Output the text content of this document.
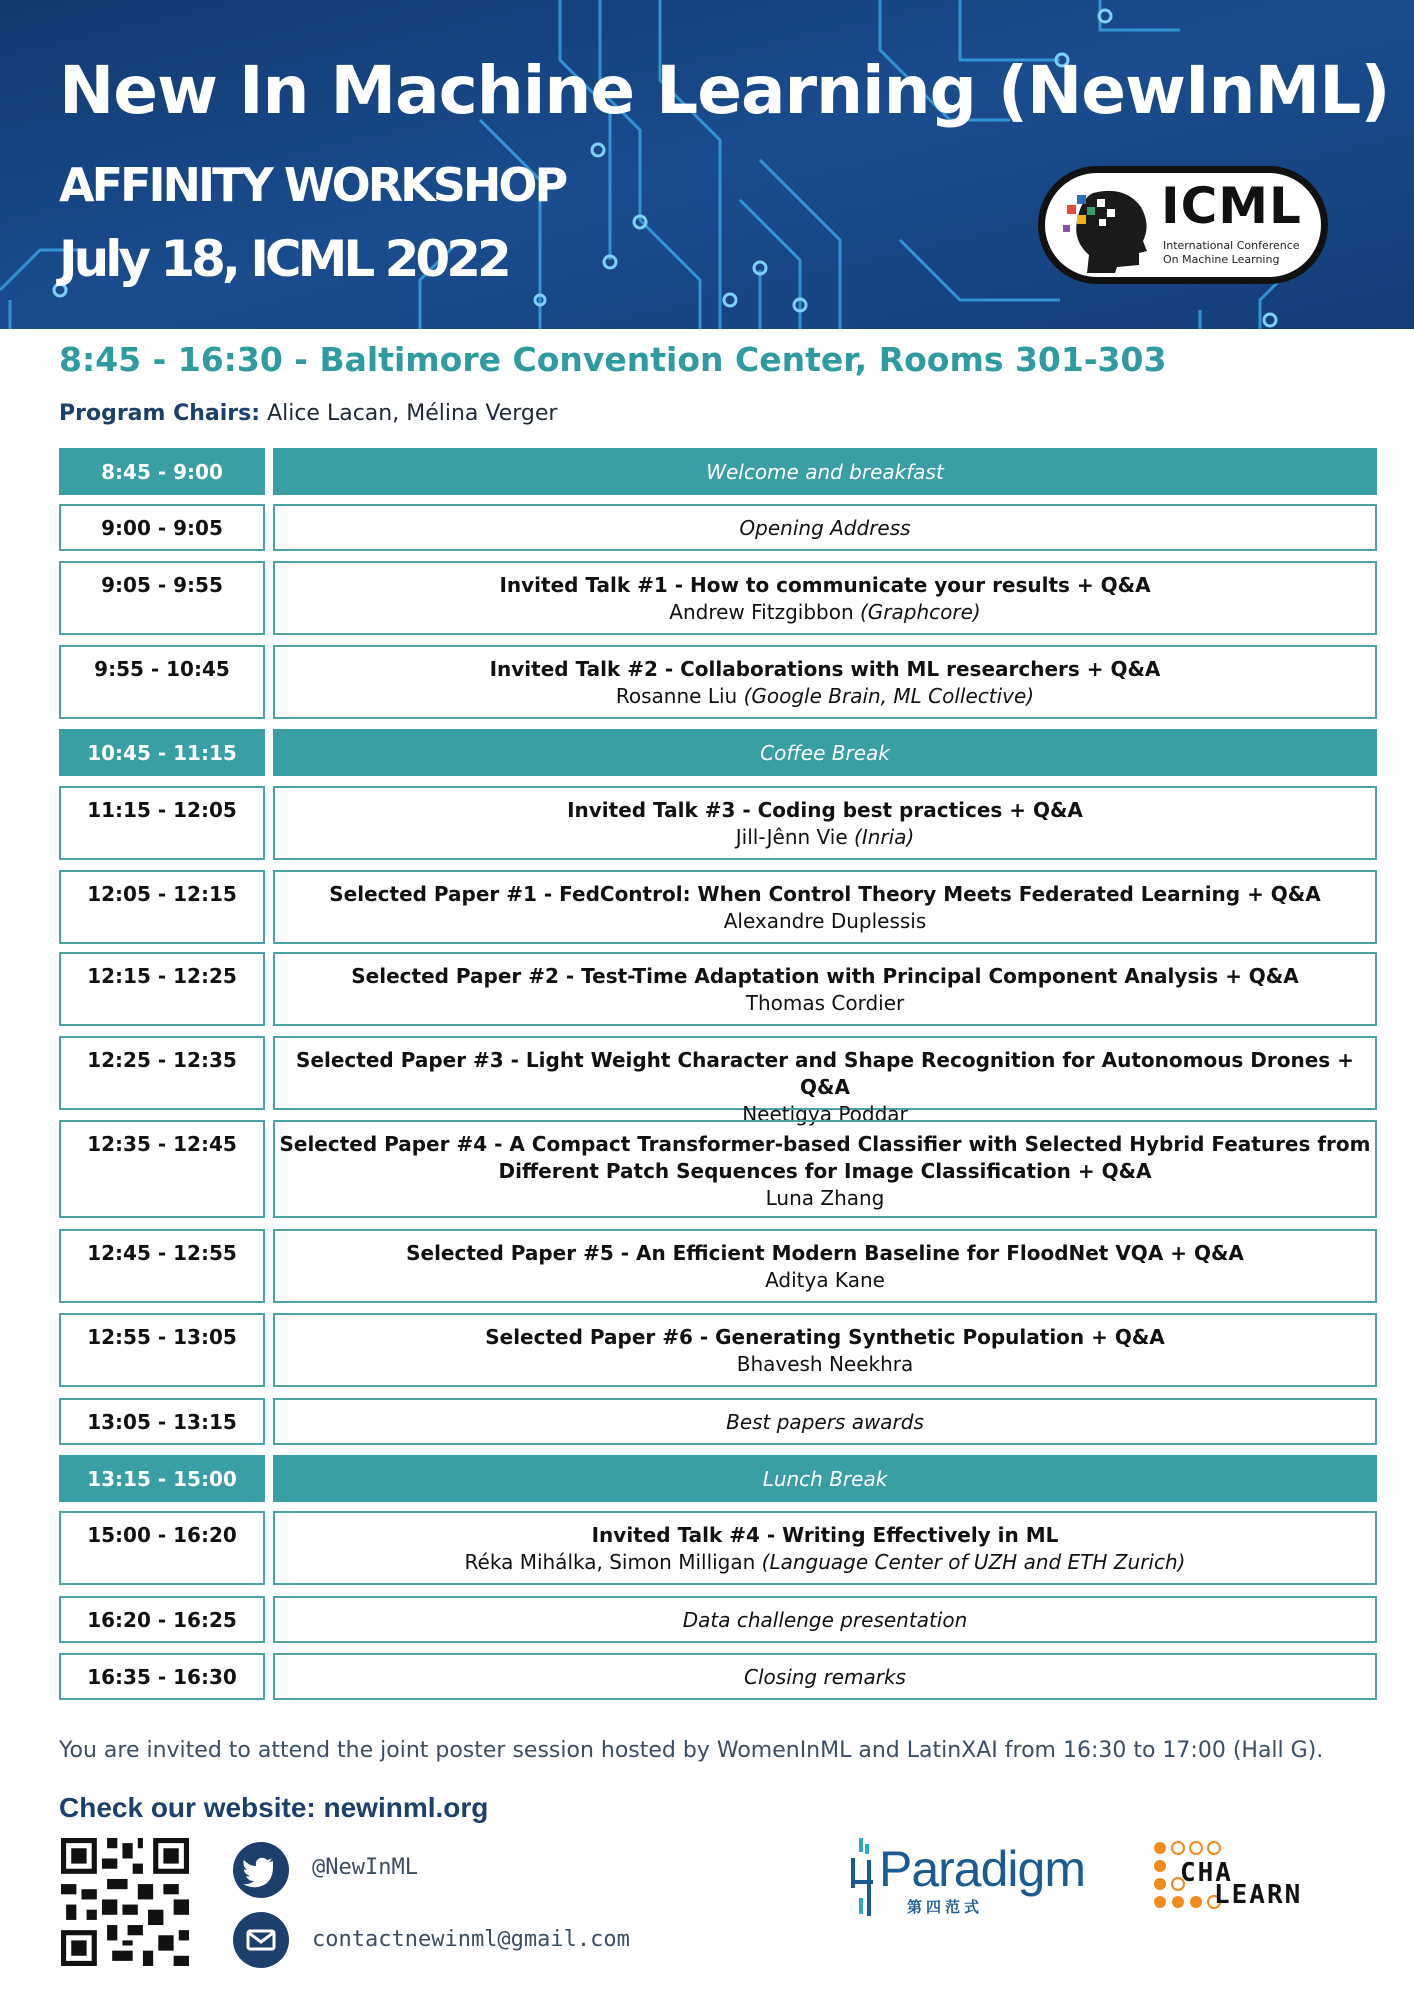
New In Machine Learning (NewInML)
AFFINITY WORKSHOP
July 18, ICML 2022
ICML
International Conference
On Machine Learning
8:45 - 16:30 - Baltimore Convention Center, Rooms 301-303
Program Chairs: Alice Lacan, Mélina Verger
8:45 - 9:00	Welcome and breakfast
9:00 - 9:05	Opening Address
9:05 - 9:55	Invited Talk #1 - How to communicate your results + Q&A
Andrew Fitzgibbon (Graphcore)
9:55 - 10:45	Invited Talk #2 - Collaborations with ML researchers + Q&A
Rosanne Liu (Google Brain, ML Collective)
10:45 - 11:15	Coffee Break
11:15 - 12:05	Invited Talk #3 - Coding best practices + Q&A
Jill-Jênn Vie (Inria)
12:05 - 12:15	Selected Paper #1 - FedControl: When Control Theory Meets Federated Learning + Q&A
Alexandre Duplessis
12:15 - 12:25	Selected Paper #2 - Test-Time Adaptation with Principal Component Analysis + Q&A
Thomas Cordier
12:25 - 12:35	Selected Paper #3 - Light Weight Character and Shape Recognition for Autonomous Drones + Q&A
Neetigya Poddar
12:35 - 12:45	Selected Paper #4 - A Compact Transformer-based Classifier with Selected Hybrid Features from Different Patch Sequences for Image Classification + Q&A
Luna Zhang
12:45 - 12:55	Selected Paper #5 - An Efficient Modern Baseline for FloodNet VQA + Q&A
Aditya Kane
12:55 - 13:05	Selected Paper #6 - Generating Synthetic Population + Q&A
Bhavesh Neekhra
13:05 - 13:15	Best papers awards
13:15 - 15:00	Lunch Break
15:00 - 16:20	Invited Talk #4 - Writing Effectively in ML
Réka Mihálka, Simon Milligan (Language Center of UZH and ETH Zurich)
16:20 - 16:25	Data challenge presentation
16:35 - 16:30	Closing remarks
You are invited to attend the joint poster session hosted by WomenInML and LatinXAI from 16:30 to 17:00 (Hall G).
Check our website: newinml.org
@NewInML
contactnewinml@gmail.com
Paradigm
第四范式
CHA
LEARN
